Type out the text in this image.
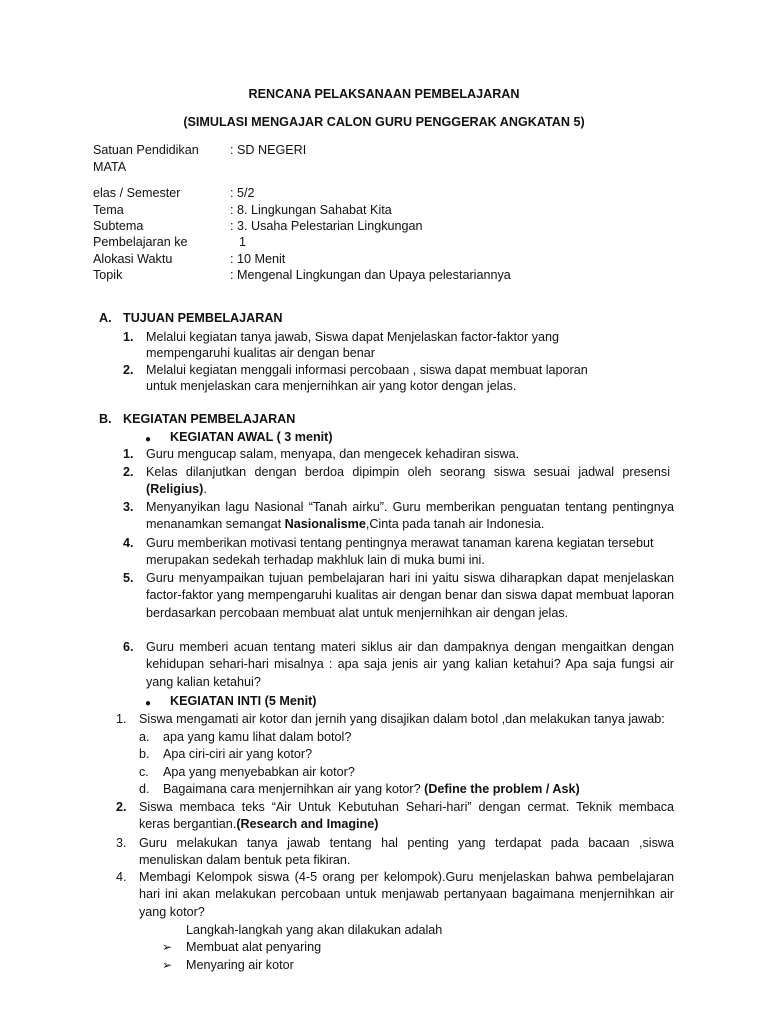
RENCANA PELAKSANAAN PEMBELAJARAN
(SIMULASI MENGAJAR CALON GURU PENGGERAK ANGKATAN 5)
Satuan Pendidikan : SD NEGERI
MATA
elas / Semester	: 5/2
Tema	: 8. Lingkungan Sahabat Kita
Subtema	: 3. Usaha Pelestarian Lingkungan
Pembelajaran ke	1
Alokasi Waktu	: 10 Menit
Topik	: Mengenal Lingkungan dan Upaya pelestariannya
A. TUJUAN PEMBELAJARAN
1. Melalui kegiatan tanya jawab, Siswa dapat Menjelaskan factor-faktor yang
mempengaruhi kualitas air dengan benar
2. Melalui kegiatan menggali informasi percobaan , siswa dapat membuat laporan
untuk menjelaskan cara menjernihkan air yang kotor dengan jelas.
B. KEGIATAN PEMBELAJARAN
● KEGIATAN AWAL ( 3 menit)
1. Guru mengucap salam, menyapa, dan mengecek kehadiran siswa.
2. Kelas dilanjutkan dengan berdoa dipimpin oleh seorang siswa sesuai jadwal presensi (Religius).
3. Menyanyikan lagu Nasional “Tanah airku”. Guru memberikan penguatan tentang pentingnya menanamkan semangat Nasionalisme,Cinta pada tanah air Indonesia.
4. Guru memberikan motivasi tentang pentingnya merawat tanaman karena kegiatan tersebut merupakan sedekah terhadap makhluk lain di muka bumi ini.
5. Guru menyampaikan tujuan pembelajaran hari ini yaitu siswa diharapkan dapat menjelaskan factor-faktor yang mempengaruhi kualitas air dengan benar dan siswa dapat membuat laporan berdasarkan percobaan membuat alat untuk menjernihkan air dengan jelas.
6. Guru memberi acuan tentang materi siklus air dan dampaknya dengan mengaitkan dengan kehidupan sehari-hari misalnya : apa saja jenis air yang kalian ketahui? Apa saja fungsi air yang kalian ketahui?
● KEGIATAN INTI (5 Menit)
1. Siswa mengamati air kotor dan jernih yang disajikan dalam botol ,dan melakukan tanya jawab:
a. apa yang kamu lihat dalam botol?
b. Apa ciri-ciri air yang kotor?
c. Apa yang menyebabkan air kotor?
d. Bagaimana cara menjernihkan air yang kotor? (Define the problem / Ask)
2. Siswa membaca teks “Air Untuk Kebutuhan Sehari-hari” dengan cermat. Teknik membaca keras bergantian.(Research and Imagine)
3. Guru melakukan tanya jawab tentang hal penting yang terdapat pada bacaan ,siswa menuliskan dalam bentuk peta fikiran.
4. Membagi Kelompok siswa (4-5 orang per kelompok).Guru menjelaskan bahwa pembelajaran hari ini akan melakukan percobaan untuk menjawab pertanyaan bagaimana menjernihkan air yang kotor?
Langkah-langkah yang akan dilakukan adalah
➢ Membuat alat penyaring
➢ Menyaring air kotor
